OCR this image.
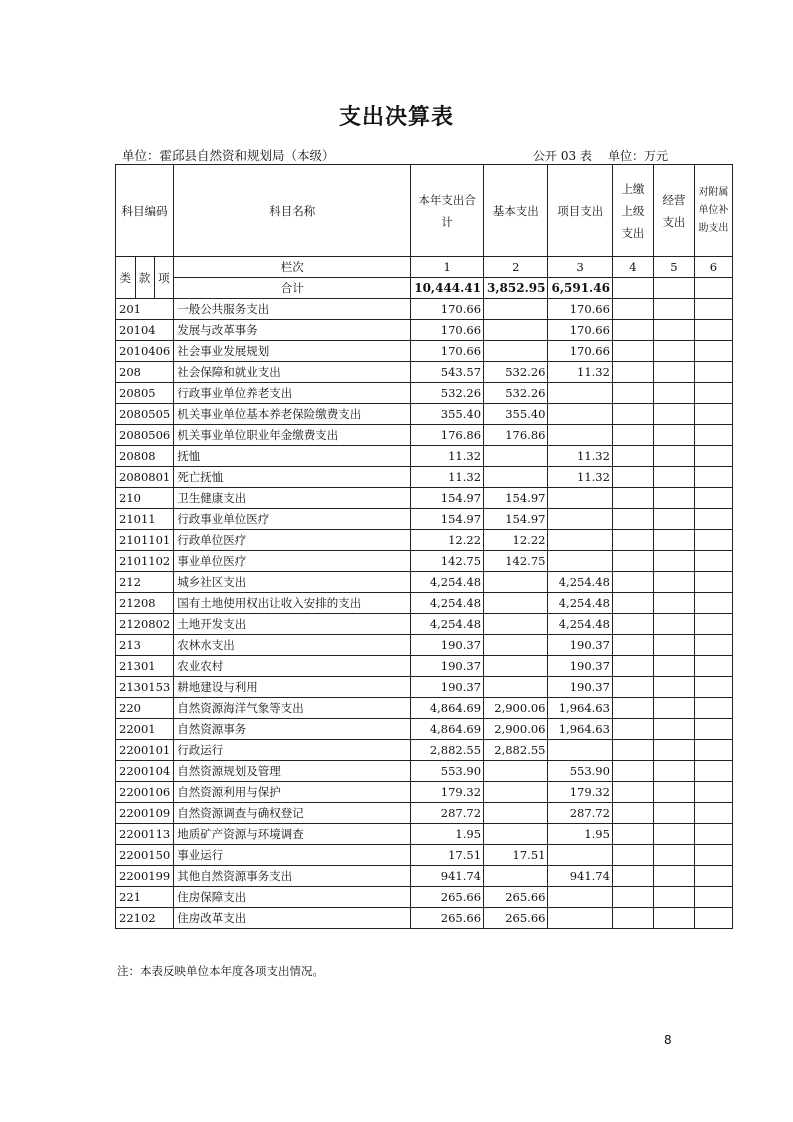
支出决算表
单位：霍邱县自然资和规划局（本级）	公开 03 表 单位：万元
科目编码			科目名称	本年支出合计	基本支出	项目支出	上缴上级支出	经营支出	对附属单位补助支出
类	款	项	栏次	1	2	3	4	5	6
			合计	10,444.41	3,852.95	6,591.46			
201			一般公共服务支出	170.66		170.66			
20104			发展与改革事务	170.66		170.66			
2010406			社会事业发展规划	170.66		170.66			
208			社会保障和就业支出	543.57	532.26	11.32			
20805			行政事业单位养老支出	532.26	532.26				
2080505			机关事业单位基本养老保险缴费支出	355.40	355.40				
2080506			机关事业单位职业年金缴费支出	176.86	176.86				
20808			抚恤	11.32		11.32			
2080801			死亡抚恤	11.32		11.32			
210			卫生健康支出	154.97	154.97				
21011			行政事业单位医疗	154.97	154.97				
2101101			行政单位医疗	12.22	12.22				
2101102			事业单位医疗	142.75	142.75				
212			城乡社区支出	4,254.48		4,254.48			
21208			国有土地使用权出让收入安排的支出	4,254.48		4,254.48			
2120802			土地开发支出	4,254.48		4,254.48			
213			农林水支出	190.37		190.37			
21301			农业农村	190.37		190.37			
2130153			耕地建设与利用	190.37		190.37			
220			自然资源海洋气象等支出	4,864.69	2,900.06	1,964.63			
22001			自然资源事务	4,864.69	2,900.06	1,964.63			
2200101			行政运行	2,882.55	2,882.55				
2200104			自然资源规划及管理	553.90		553.90			
2200106			自然资源利用与保护	179.32		179.32			
2200109			自然资源调查与确权登记	287.72		287.72			
2200113			地质矿产资源与环境调查	1.95		1.95			
2200150			事业运行	17.51	17.51				
2200199			其他自然资源事务支出	941.74		941.74			
221			住房保障支出	265.66	265.66				
22102			住房改革支出	265.66	265.66				
注：本表反映单位本年度各项支出情况。
8
